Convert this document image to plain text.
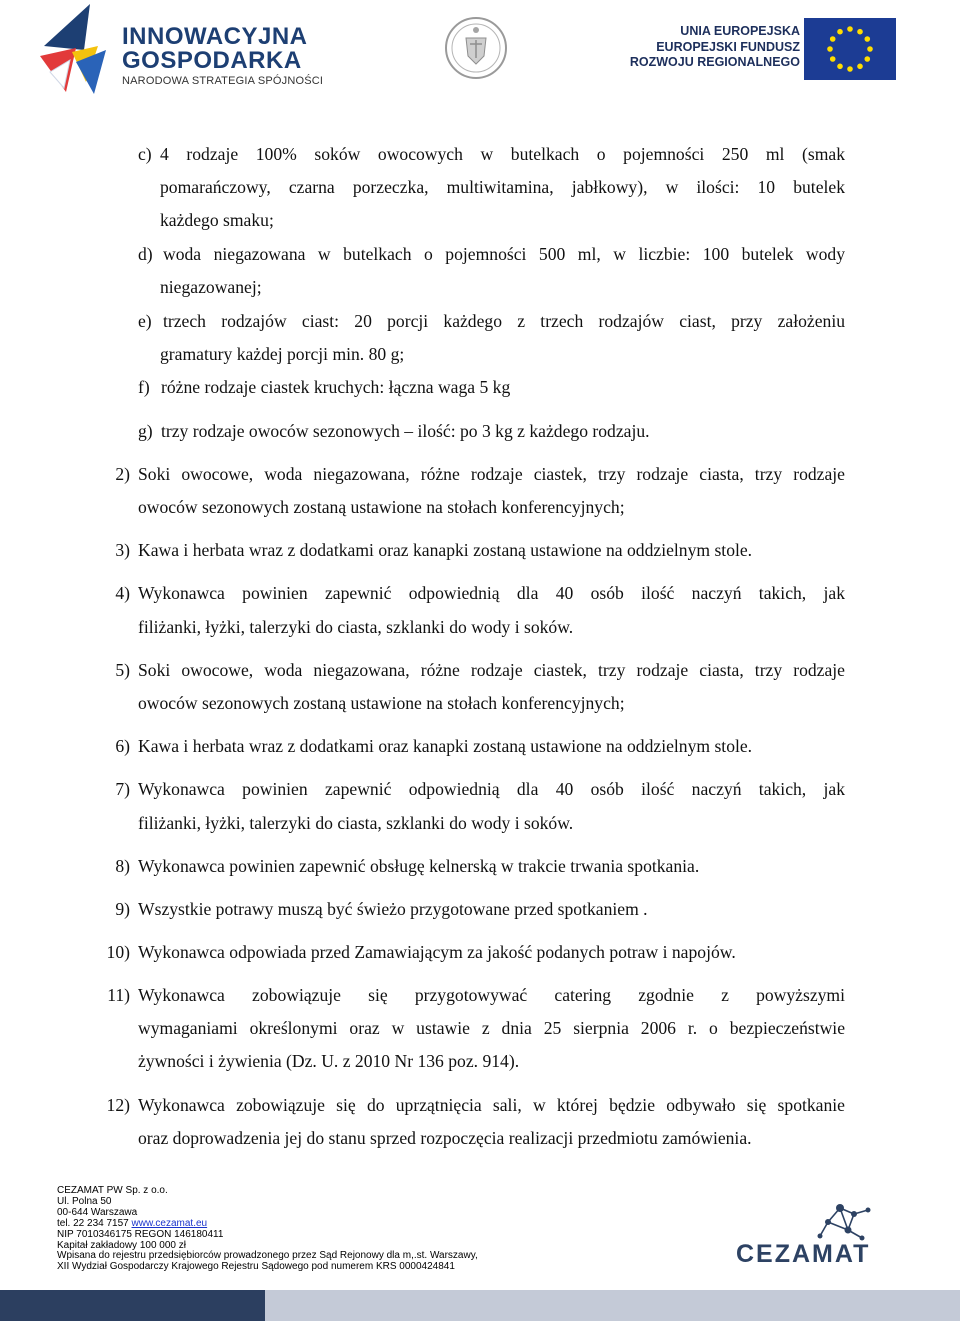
INNOWACYJNA
GOSPODARKA
NARODOWA STRATEGIA SPÓJNOŚCI
UNIA EUROPEJSKA
EUROPEJSKI FUNDUSZ
ROZWOJU REGIONALNEGO
c) 4 rodzaje 100% soków owocowych w butelkach o pojemności 250 ml (smak
pomarańczowy, czarna porzeczka, multiwitamina, jabłkowy), w ilości: 10 butelek
każdego smaku;
d) woda niegazowana w butelkach o pojemności 500 ml, w liczbie: 100 butelek wody
niegazowanej;
e) trzech rodzajów ciast: 20 porcji każdego z trzech rodzajów ciast, przy założeniu
gramatury każdej porcji min. 80 g;
f) różne rodzaje ciastek kruchych: łączna waga 5 kg
g) trzy rodzaje owoców sezonowych – ilość: po 3 kg z każdego rodzaju.
2) Soki owocowe, woda niegazowana, różne rodzaje ciastek, trzy rodzaje ciasta, trzy rodzaje
owoców sezonowych zostaną ustawione na stołach konferencyjnych;
3) Kawa i herbata wraz z dodatkami oraz kanapki zostaną ustawione na oddzielnym stole.
4) Wykonawca powinien zapewnić odpowiednią dla 40 osób ilość naczyń takich, jak
filiżanki, łyżki, talerzyki do ciasta, szklanki do wody i soków.
5) Soki owocowe, woda niegazowana, różne rodzaje ciastek, trzy rodzaje ciasta, trzy rodzaje
owoców sezonowych zostaną ustawione na stołach konferencyjnych;
6) Kawa i herbata wraz z dodatkami oraz kanapki zostaną ustawione na oddzielnym stole.
7) Wykonawca powinien zapewnić odpowiednią dla 40 osób ilość naczyń takich, jak
filiżanki, łyżki, talerzyki do ciasta, szklanki do wody i soków.
8) Wykonawca powinien zapewnić obsługę kelnerską w trakcie trwania spotkania.
9) Wszystkie potrawy muszą być świeżo przygotowane przed spotkaniem .
10) Wykonawca odpowiada przed Zamawiającym za jakość podanych potraw i napojów.
11) Wykonawca zobowiązuje się przygotowywać catering zgodnie z powyższymi
wymaganiami określonymi oraz w ustawie z dnia 25 sierpnia 2006 r. o bezpieczeństwie
żywności i żywienia (Dz. U. z 2010 Nr 136 poz. 914).
12) Wykonawca zobowiązuje się do uprzątnięcia sali, w której będzie odbywało się spotkanie
oraz doprowadzenia jej do stanu sprzed rozpoczęcia realizacji przedmiotu zamówienia.
CEZAMAT PW Sp. z o.o.
Ul. Polna 50
00-644 Warszawa
tel. 22 234 7157 www.cezamat.eu
NIP 7010346175 REGON 146180411
Kapitał zakładowy 100 000 zł
Wpisana do rejestru przedsiębiorców prowadzonego przez Sąd Rejonowy dla m,.st. Warszawy,
XII Wydział Gospodarczy Krajowego Rejestru Sądowego pod numerem KRS 0000424841	CEZAMAT
